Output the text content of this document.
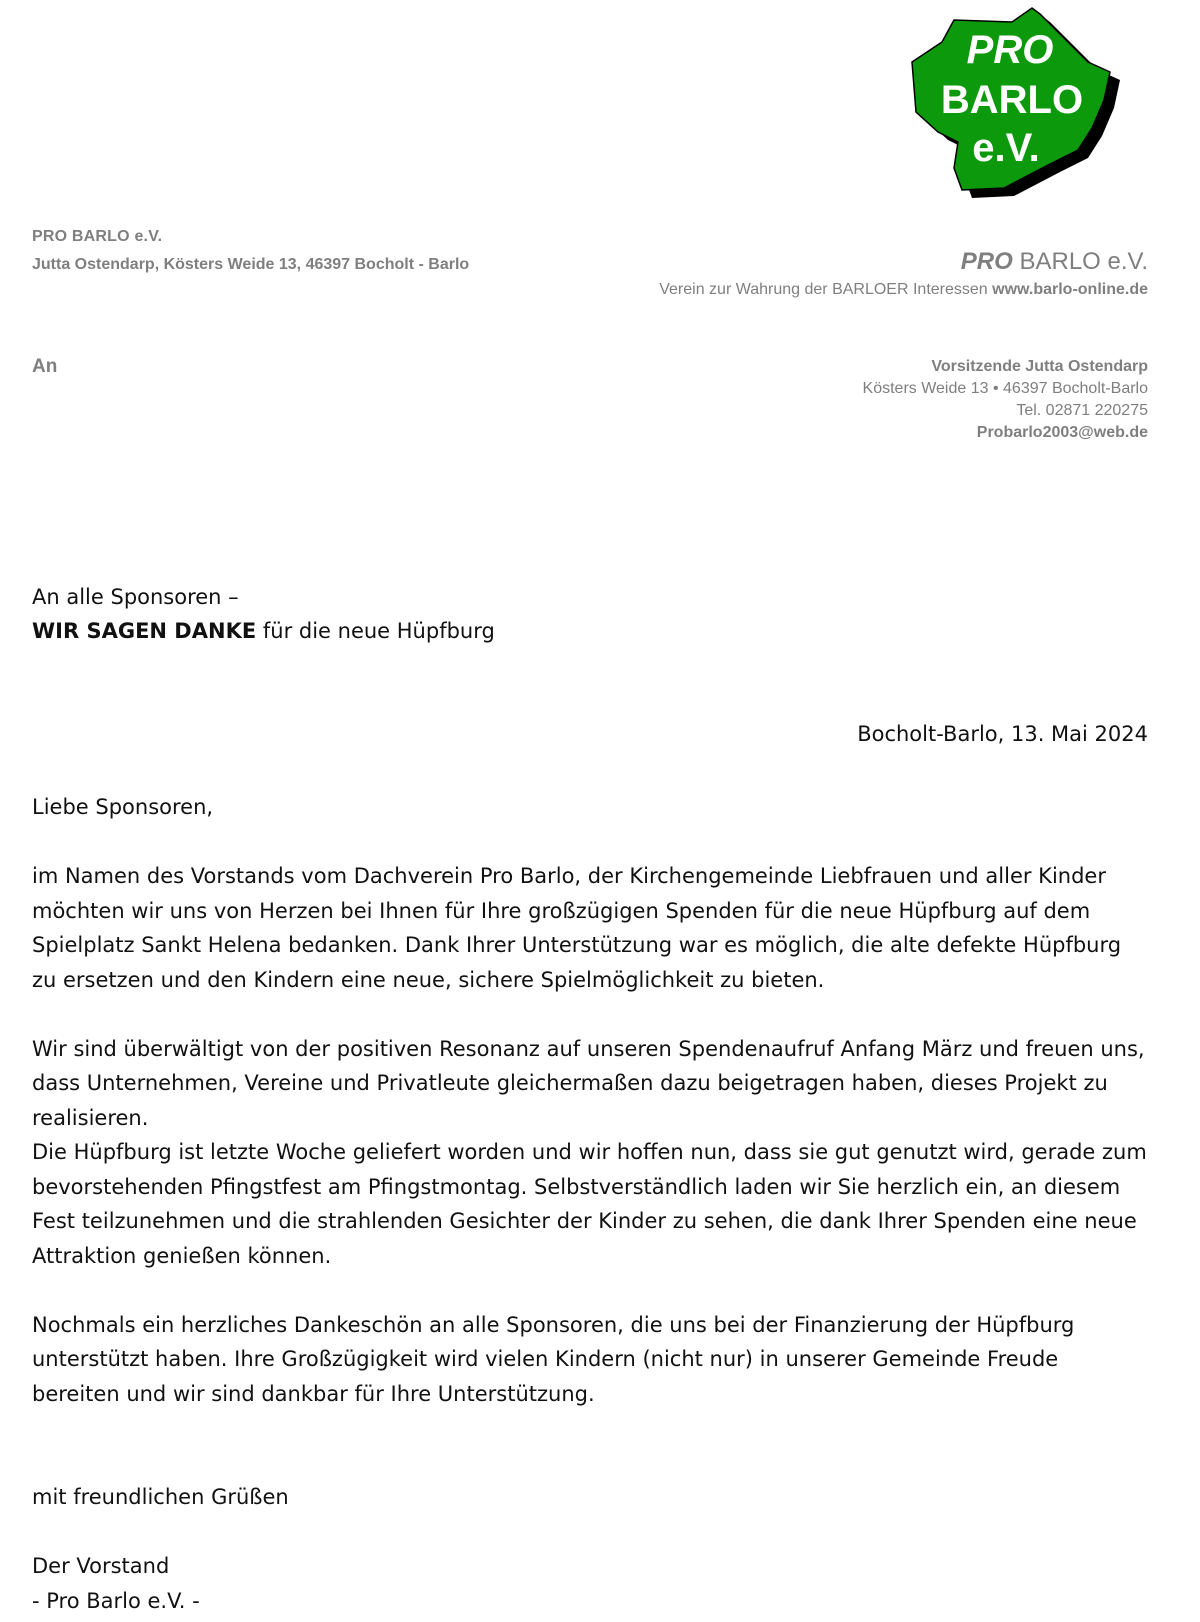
PRO
BARLO
e.V.
PRO BARLO e.V.
Jutta Ostendarp, Kösters Weide 13, 46397 Bocholt - Barlo	PRO BARLO e.V.
Verein zur Wahrung der BARLOER Interessen www.barlo-online.de
An	Vorsitzende Jutta Ostendarp
Kösters Weide 13 • 46397 Bocholt-Barlo
Tel. 02871 220275
Probarlo2003@web.de
An alle Sponsoren –
WIR SAGEN DANKE für die neue Hüpfburg
Bocholt-Barlo, 13. Mai 2024

Liebe Sponsoren,

im Namen des Vorstands vom Dachverein Pro Barlo, der Kirchengemeinde Liebfrauen und aller Kinder möchten wir uns von Herzen bei Ihnen für Ihre großzügigen Spenden für die neue Hüpfburg auf dem Spielplatz Sankt Helena bedanken. Dank Ihrer Unterstützung war es möglich, die alte defekte Hüpfburg zu ersetzen und den Kindern eine neue, sichere Spielmöglichkeit zu bieten.

Wir sind überwältigt von der positiven Resonanz auf unseren Spendenaufruf Anfang März und freuen uns, dass Unternehmen, Vereine und Privatleute gleichermaßen dazu beigetragen haben, dieses Projekt zu realisieren.

Die Hüpfburg ist letzte Woche geliefert worden und wir hoffen nun, dass sie gut genutzt wird, gerade zum bevorstehenden Pfingstfest am Pfingstmontag. Selbstverständlich laden wir Sie herzlich ein, an diesem Fest teilzunehmen und die strahlenden Gesichter der Kinder zu sehen, die dank Ihrer Spenden eine neue Attraktion genießen können.

Nochmals ein herzliches Dankeschön an alle Sponsoren, die uns bei der Finanzierung der Hüpfburg unterstützt haben. Ihre Großzügigkeit wird vielen Kindern (nicht nur) in unserer Gemeinde Freude bereiten und wir sind dankbar für Ihre Unterstützung.

mit freundlichen Grüßen

Der Vorstand

- Pro Barlo e.V. -
